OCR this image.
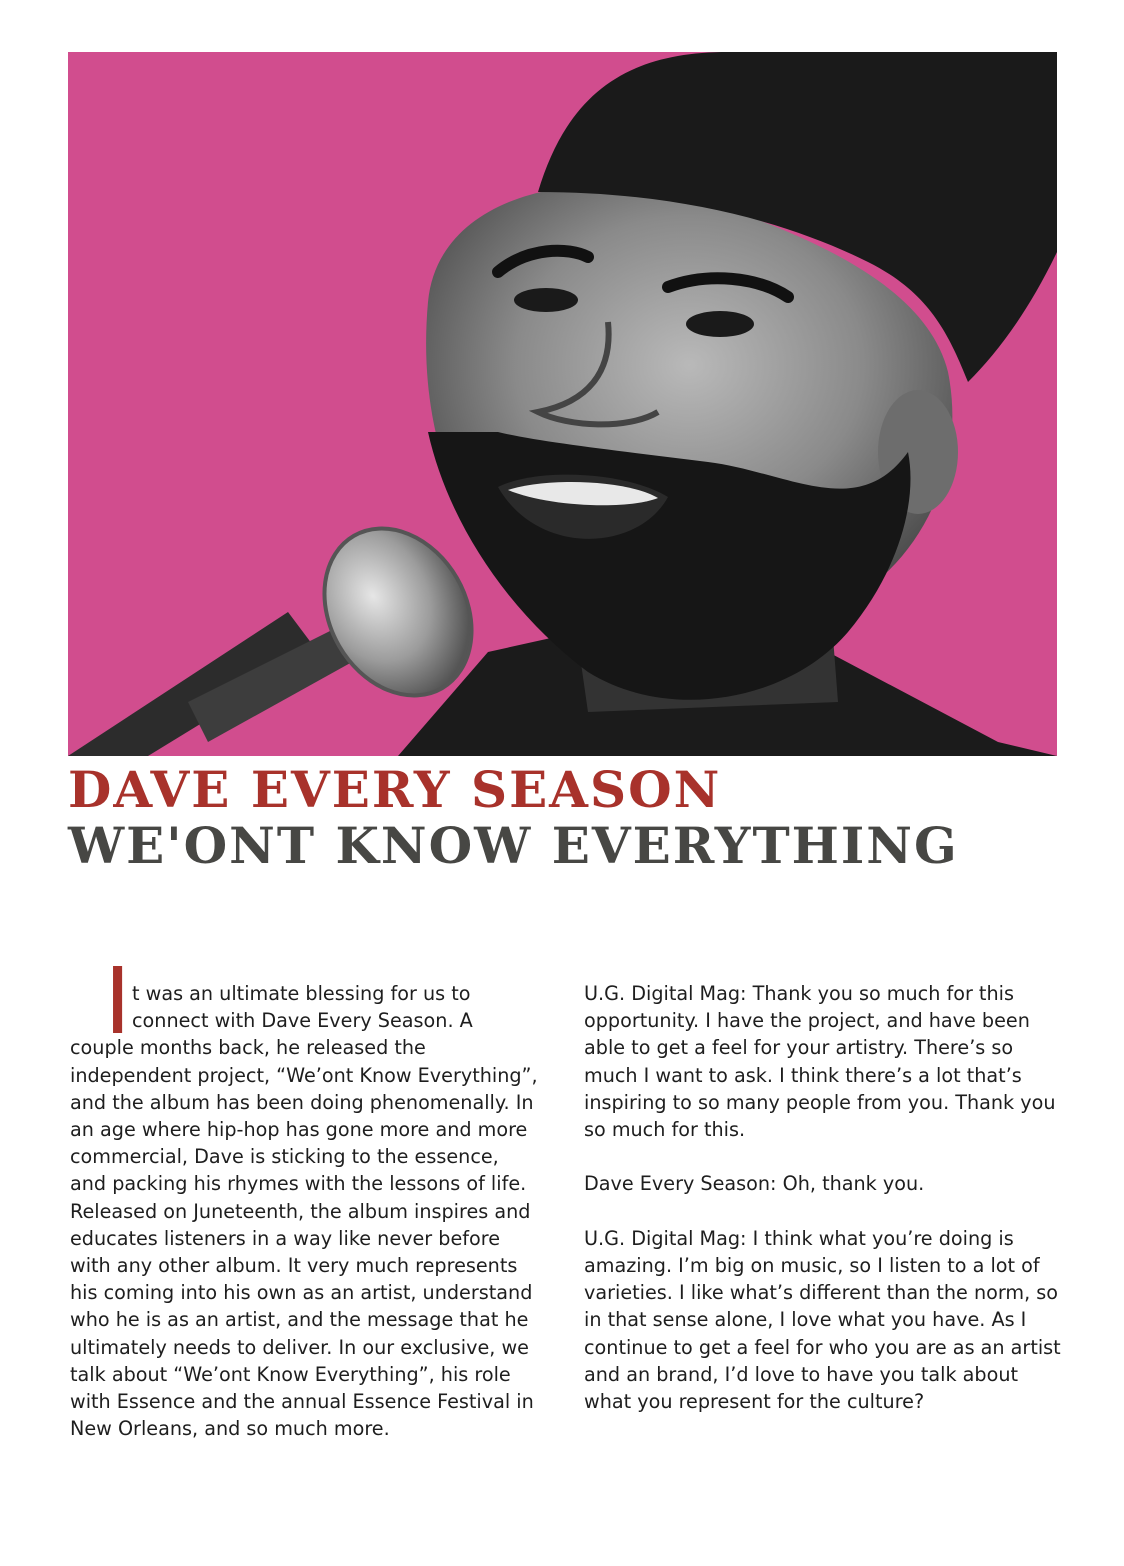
DAVE EVERY SEASON
WE'ONT KNOW EVERYTHING
I t was an ultimate blessing for us to connect with Dave Every Season. A couple months back, he released the independent project, “We’ont Know Everything”, and the album has been doing phenomenally. In an age where hip-hop has gone more and more commercial, Dave is sticking to the essence, and packing his rhymes with the lessons of life. Released on Juneteenth, the album inspires and educates listeners in a way like never before with any other album. It very much represents his coming into his own as an artist, understand who he is as an artist, and the message that he ultimately needs to deliver. In our exclusive, we talk about “We’ont Know Everything”, his role with Essence and the annual Essence Festival in New Orleans, and so much more.

U.G. Digital Mag: Thank you so much for this opportunity. I have the project, and have been able to get a feel for your artistry. There’s so much I want to ask. I think there’s a lot that’s inspiring to so many people from you. Thank you so much for this.

Dave Every Season: Oh, thank you.

U.G. Digital Mag: I think what you’re doing is amazing. I’m big on music, so I listen to a lot of varieties. I like what’s different than the norm, so in that sense alone, I love what you have. As I continue to get a feel for who you are as an artist and an brand, I’d love to have you talk about what you represent for the culture?
